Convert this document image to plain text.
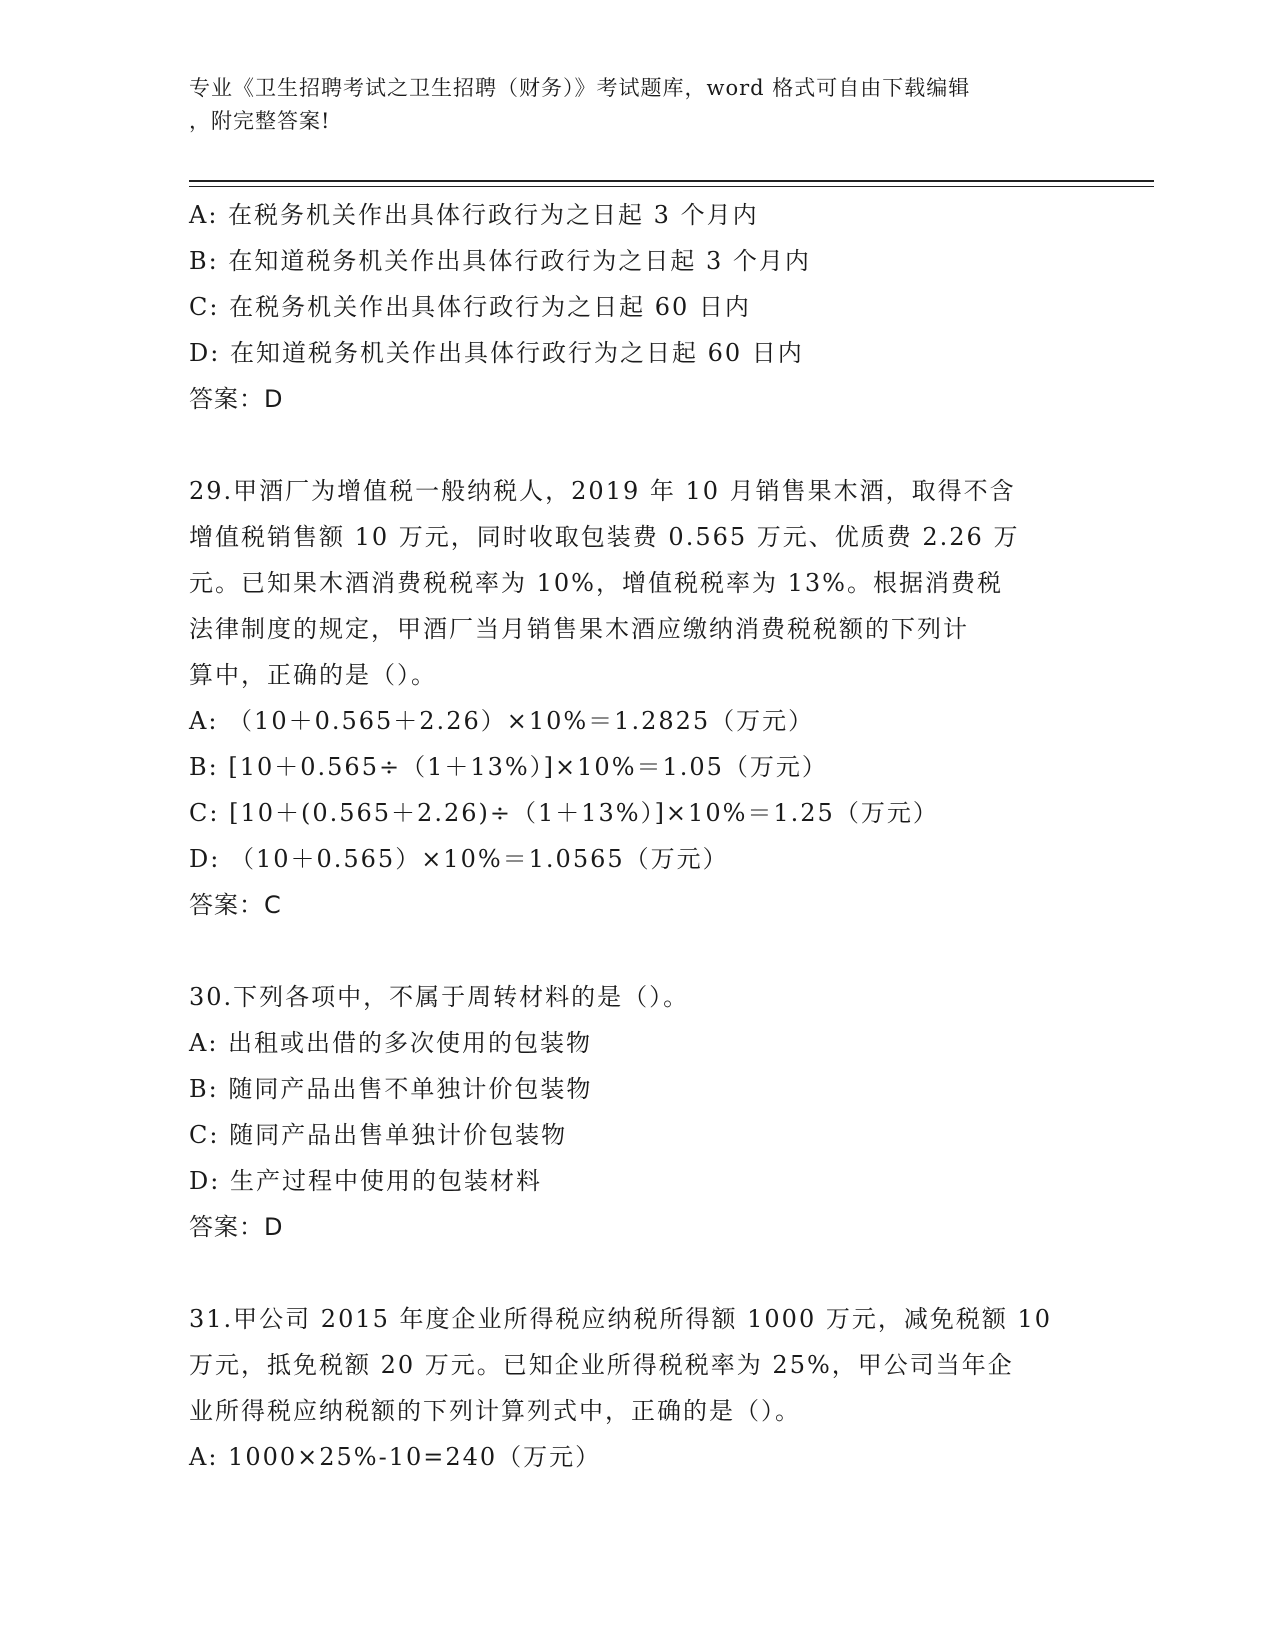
专业《卫生招聘考试之卫生招聘（财务）》考试题库，word 格式可自由下载编辑
，附完整答案!
A: 在税务机关作出具体行政行为之日起 3 个月内
B: 在知道税务机关作出具体行政行为之日起 3 个月内
C: 在税务机关作出具体行政行为之日起 60 日内
D: 在知道税务机关作出具体行政行为之日起 60 日内
答案：D
29.甲酒厂为增值税一般纳税人，2019 年 10 月销售果木酒，取得不含
增值税销售额 10 万元，同时收取包装费 0.565 万元、优质费 2.26 万
元。已知果木酒消费税税率为 10%，增值税税率为 13%。根据消费税
法律制度的规定，甲酒厂当月销售果木酒应缴纳消费税税额的下列计
算中，正确的是（）。
A: （10＋0.565＋2.26）×10%＝1.2825（万元）
B: [10＋0.565÷（1＋13%）]×10%＝1.05（万元）
C: [10＋(0.565＋2.26)÷（1＋13%）]×10%＝1.25（万元）
D: （10＋0.565）×10%＝1.0565（万元）
答案：C
30.下列各项中，不属于周转材料的是（）。
A: 出租或出借的多次使用的包装物
B: 随同产品出售不单独计价包装物
C: 随同产品出售单独计价包装物
D: 生产过程中使用的包装材料
答案：D
31.甲公司 2015 年度企业所得税应纳税所得额 1000 万元，减免税额 10
万元，抵免税额 20 万元。已知企业所得税税率为 25%，甲公司当年企
业所得税应纳税额的下列计算列式中，正确的是（）。
A: 1000×25%-10=240（万元）
